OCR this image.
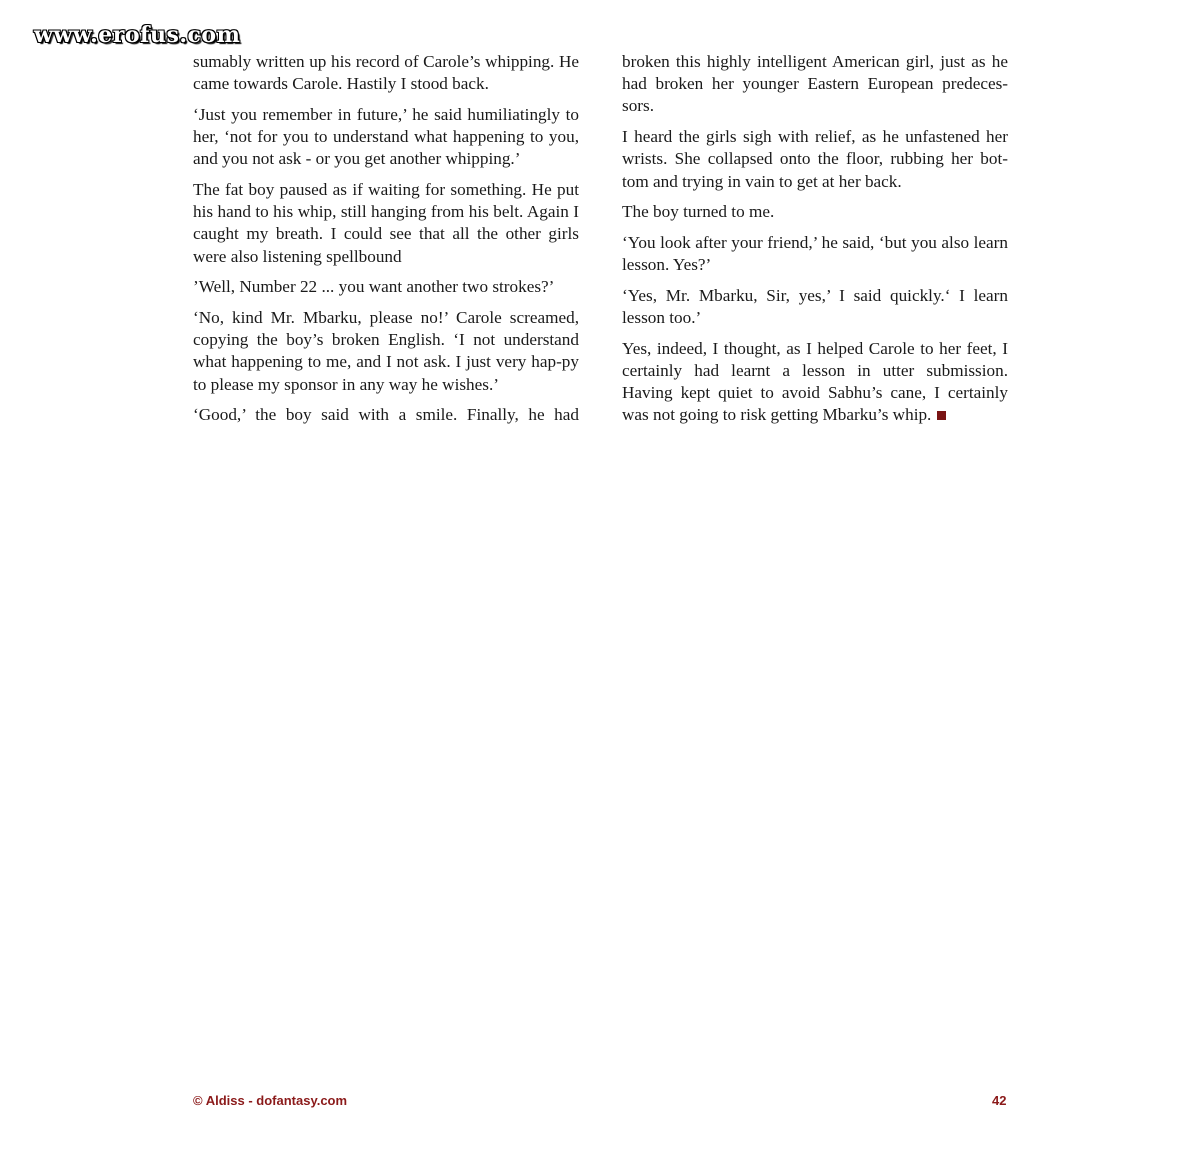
www.erofus.com

sumably written up his record of Carole’s whipping. He came towards Carole. Hastily I stood back.

‘Just you remember in future,’ he said humiliatingly to her, ‘not for you to understand what happening to you, and you not ask - or you get another whipping.’

The fat boy paused as if waiting for something. He put his hand to his whip, still hanging from his belt. Again I caught my breath. I could see that all the other girls were also listening spellbound

’Well, Number 22 ... you want another two strokes?’

‘No, kind Mr. Mbarku, please no!’ Carole screamed, copying the boy’s broken English. ‘I not understand what happening to me, and I not ask. I just very hap-py to please my sponsor in any way he wishes.’

‘Good,’ the boy said with a smile. Finally, he had

broken this highly intelligent American girl, just as he had broken her younger Eastern European predeces-sors.

I heard the girls sigh with relief, as he unfastened her wrists. She collapsed onto the floor, rubbing her bot-tom and trying in vain to get at her back.

The boy turned to me.

‘You look after your friend,’ he said, ‘but you also learn lesson. Yes?’

‘Yes, Mr. Mbarku, Sir, yes,’ I said quickly.‘ I learn lesson too.’

Yes, indeed, I thought, as I helped Carole to her feet, I certainly had learnt a lesson in utter submission. Having kept quiet to avoid Sabhu’s cane, I certainly was not going to risk getting Mbarku’s whip.

© Aldiss - dofantasy.com	42
